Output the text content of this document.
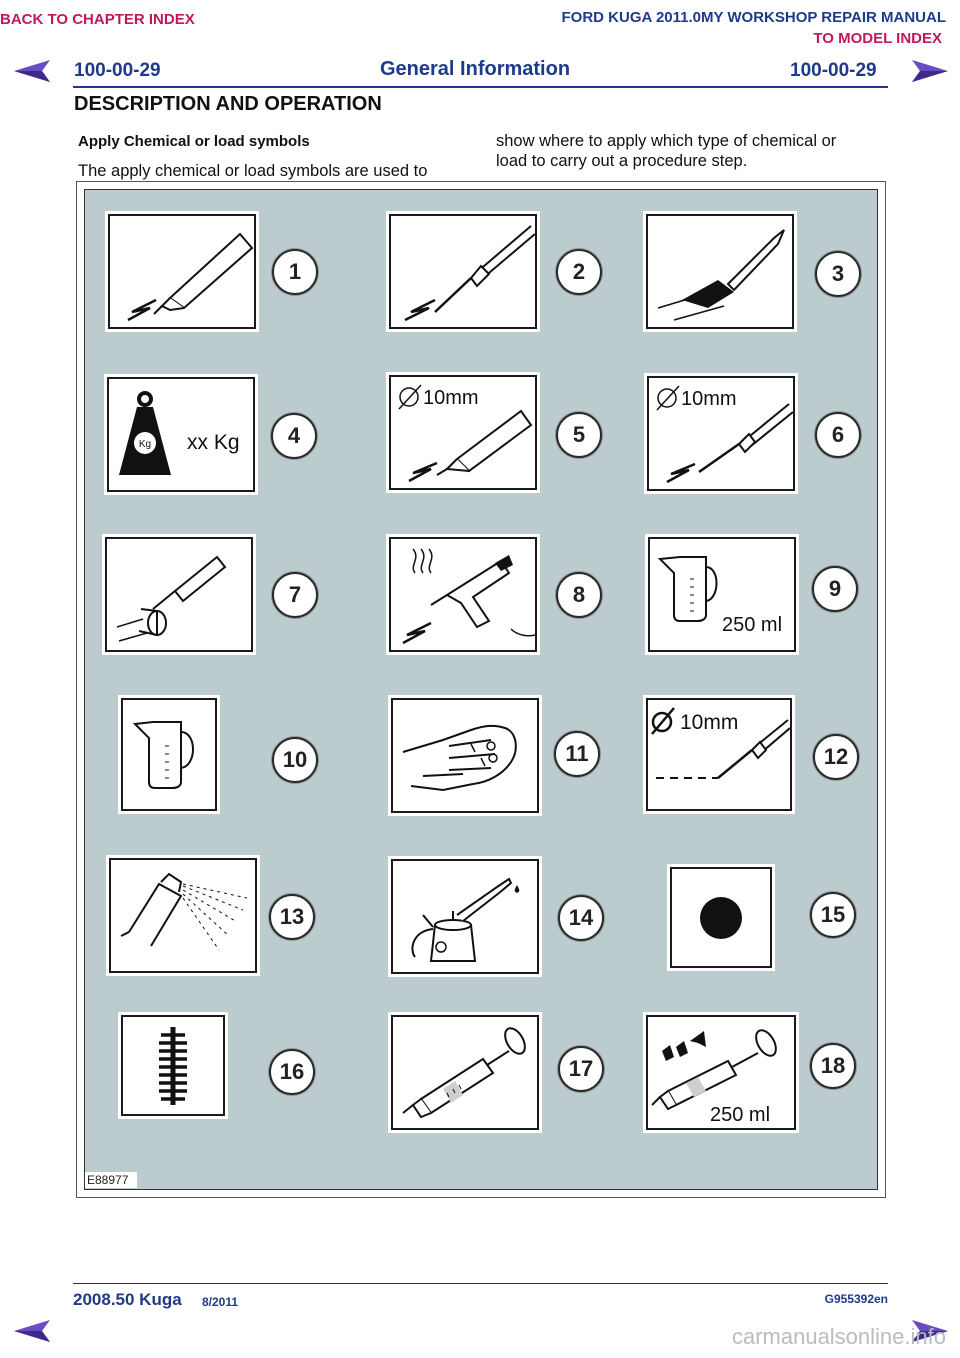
BACK TO CHAPTER INDEX	FORD KUGA 2011.0MY WORKSHOP REPAIR MANUAL
TO MODEL INDEX
100-00-29	General Information	100-00-29
DESCRIPTION AND OPERATION
Apply Chemical or load symbols
The apply chemical or load symbols are used to
show where to apply which type of chemical or
load to carry out a procedure step.
1	2	3
Kg xx Kg	4
10mm
5
10mm
6
7	8
250 ml
9
10	11
10mm
12
13	14	15
16	17
250 ml
18
E88977
2008.50 Kuga 8/2011	G955392en
carmanualsonline.info
